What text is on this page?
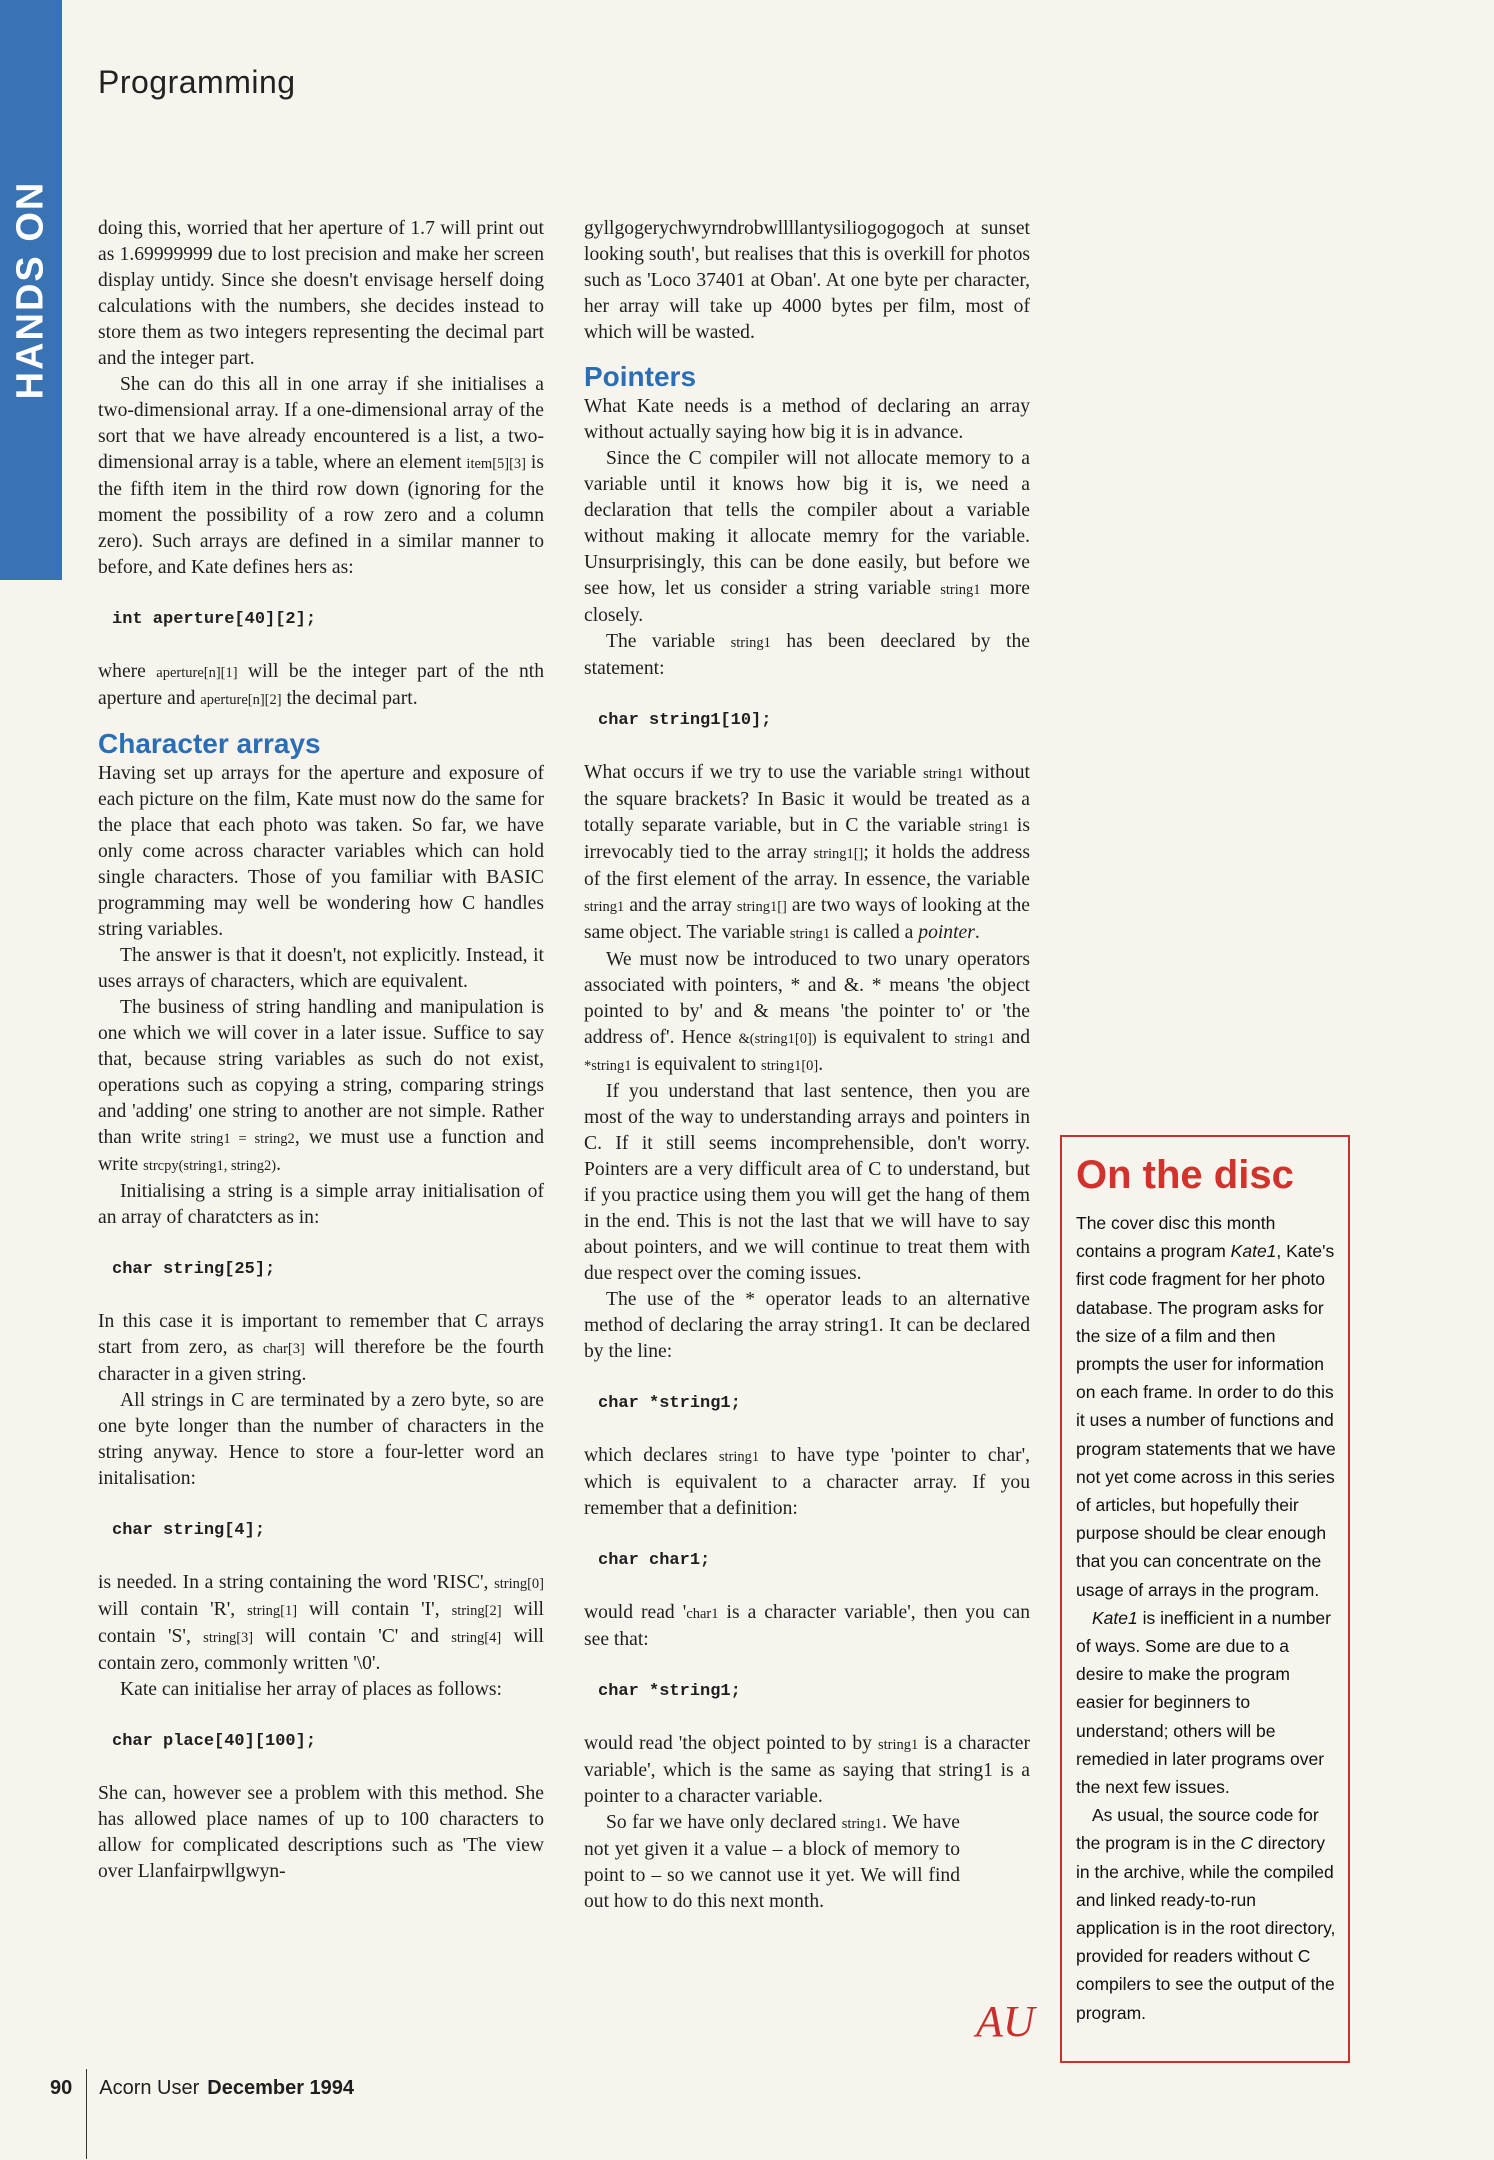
HANDS ON
Programming

doing this, worried that her aperture of 1.7 will print out as 1.69999999 due to lost precision and make her screen display untidy. Since she doesn't envisage herself doing calculations with the numbers, she decides instead to store them as two integers representing the decimal part and the integer part.

She can do this all in one array if she initialises a two-dimensional array. If a one-dimensional array of the sort that we have already encountered is a list, a two-dimensional array is a table, where an element item[5][3] is the fifth item in the third row down (ignoring for the moment the possibility of a row zero and a column zero). Such arrays are defined in a similar manner to before, and Kate defines hers as:

int aperture[40][2];

where aperture[n][1] will be the integer part of the nth aperture and aperture[n][2] the decimal part.

Character arrays

Having set up arrays for the aperture and exposure of each picture on the film, Kate must now do the same for the place that each photo was taken. So far, we have only come across character variables which can hold single characters. Those of you familiar with BASIC programming may well be wondering how C handles string variables.

The answer is that it doesn't, not explicitly. Instead, it uses arrays of characters, which are equivalent.

The business of string handling and manipulation is one which we will cover in a later issue. Suffice to say that, because string variables as such do not exist, operations such as copying a string, comparing strings and 'adding' one string to another are not simple. Rather than write string1 = string2, we must use a function and write strcpy(string1, string2).

Initialising a string is a simple array initialisation of an array of charatcters as in:

char string[25];

In this case it is important to remember that C arrays start from zero, as char[3] will therefore be the fourth character in a given string.

All strings in C are terminated by a zero byte, so are one byte longer than the number of characters in the string anyway. Hence to store a four-letter word an initalisation:

char string[4];

is needed. In a string containing the word 'RISC', string[0] will contain 'R', string[1] will contain 'I', string[2] will contain 'S', string[3] will contain 'C' and string[4] will contain zero, commonly written '\0'.

Kate can initialise her array of places as follows:

char place[40][100];

She can, however see a problem with this method. She has allowed place names of up to 100 characters to allow for complicated descriptions such as 'The view over Llanfairpwllgwyn-

gyllgogerychwyrndrobwllllantysiliogogogoch at sunset looking south', but realises that this is overkill for photos such as 'Loco 37401 at Oban'. At one byte per character, her array will take up 4000 bytes per film, most of which will be wasted.

Pointers

What Kate needs is a method of declaring an array without actually saying how big it is in advance.

Since the C compiler will not allocate memory to a variable until it knows how big it is, we need a declaration that tells the compiler about a variable without making it allocate memry for the variable. Unsurprisingly, this can be done easily, but before we see how, let us consider a string variable string1 more closely.

The variable string1 has been deeclared by the statement:

char string1[10];

What occurs if we try to use the variable string1 without the square brackets? In Basic it would be treated as a totally separate variable, but in C the variable string1 is irrevocably tied to the array string1[]; it holds the address of the first element of the array. In essence, the variable string1 and the array string1[] are two ways of looking at the same object. The variable string1 is called a pointer.

We must now be introduced to two unary operators associated with pointers, * and &. * means 'the object pointed to by' and & means 'the pointer to' or 'the address of'. Hence &(string1[0]) is equivalent to string1 and *string1 is equivalent to string1[0].

If you understand that last sentence, then you are most of the way to understanding arrays and pointers in C. If it still seems incomprehensible, don't worry. Pointers are a very difficult area of C to understand, but if you practice using them you will get the hang of them in the end. This is not the last that we will have to say about pointers, and we will continue to treat them with due respect over the coming issues.

The use of the * operator leads to an alternative method of declaring the array string1. It can be declared by the line:

char *string1;

which declares string1 to have type 'pointer to char', which is equivalent to a character array. If you remember that a definition:

char char1;

would read 'char1 is a character variable', then you can see that:

char *string1;

would read 'the object pointed to by string1 is a character variable', which is the same as saying that string1 is a pointer to a character variable.

So far we have only declared string1. We have not yet given it a value – a block of memory to point to – so we cannot use it yet. We will find out how to do this next month.

AU
On the disc

The cover disc this month contains a program Kate1, Kate's first code fragment for her photo database. The program asks for the size of a film and then prompts the user for information on each frame. In order to do this it uses a number of functions and program statements that we have not yet come across in this series of articles, but hopefully their purpose should be clear enough that you can concentrate on the usage of arrays in the program.

Kate1 is inefficient in a number of ways. Some are due to a desire to make the program easier for beginners to understand; others will be remedied in later programs over the next few issues.

As usual, the source code for the program is in the C directory in the archive, while the compiled and linked ready-to-run application is in the root directory, provided for readers without C compilers to see the output of the program.

90 Acorn User December 1994
